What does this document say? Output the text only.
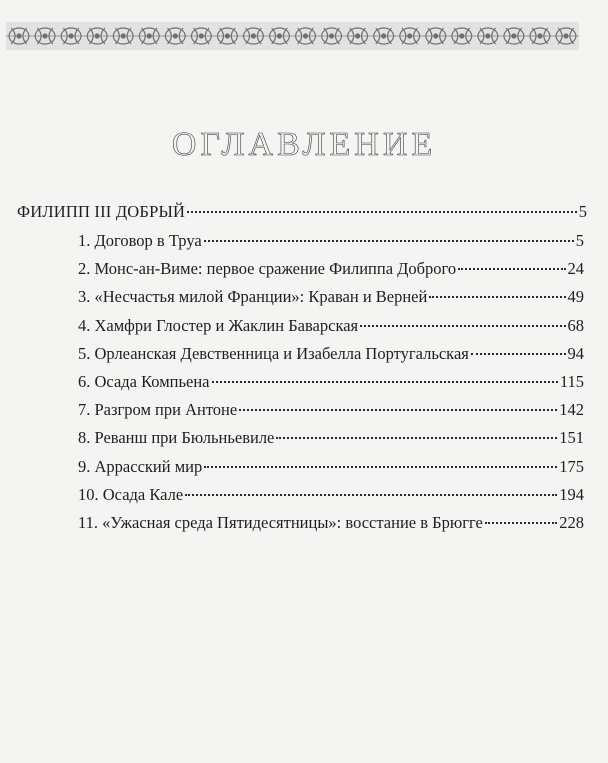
ОГЛАВЛЕНИЕ
ФИЛИПП III ДОБРЫЙ	5
1. Договор в Труа	5
2. Монс-ан-Виме: первое сражение Филиппа Доброго	24
3. «Несчастья милой Франции»: Краван и Верней	49
4. Хамфри Глостер и Жаклин Баварская	68
5. Орлеанская Девственница и Изабелла Португальская	94
6. Осада Компьена	115
7. Разгром при Антоне	142
8. Реванш при Бюльньевиле	151
9. Аррасский мир	175
10. Осада Кале	194
11. «Ужасная среда Пятидесятницы»: восстание в Брюгге	228
